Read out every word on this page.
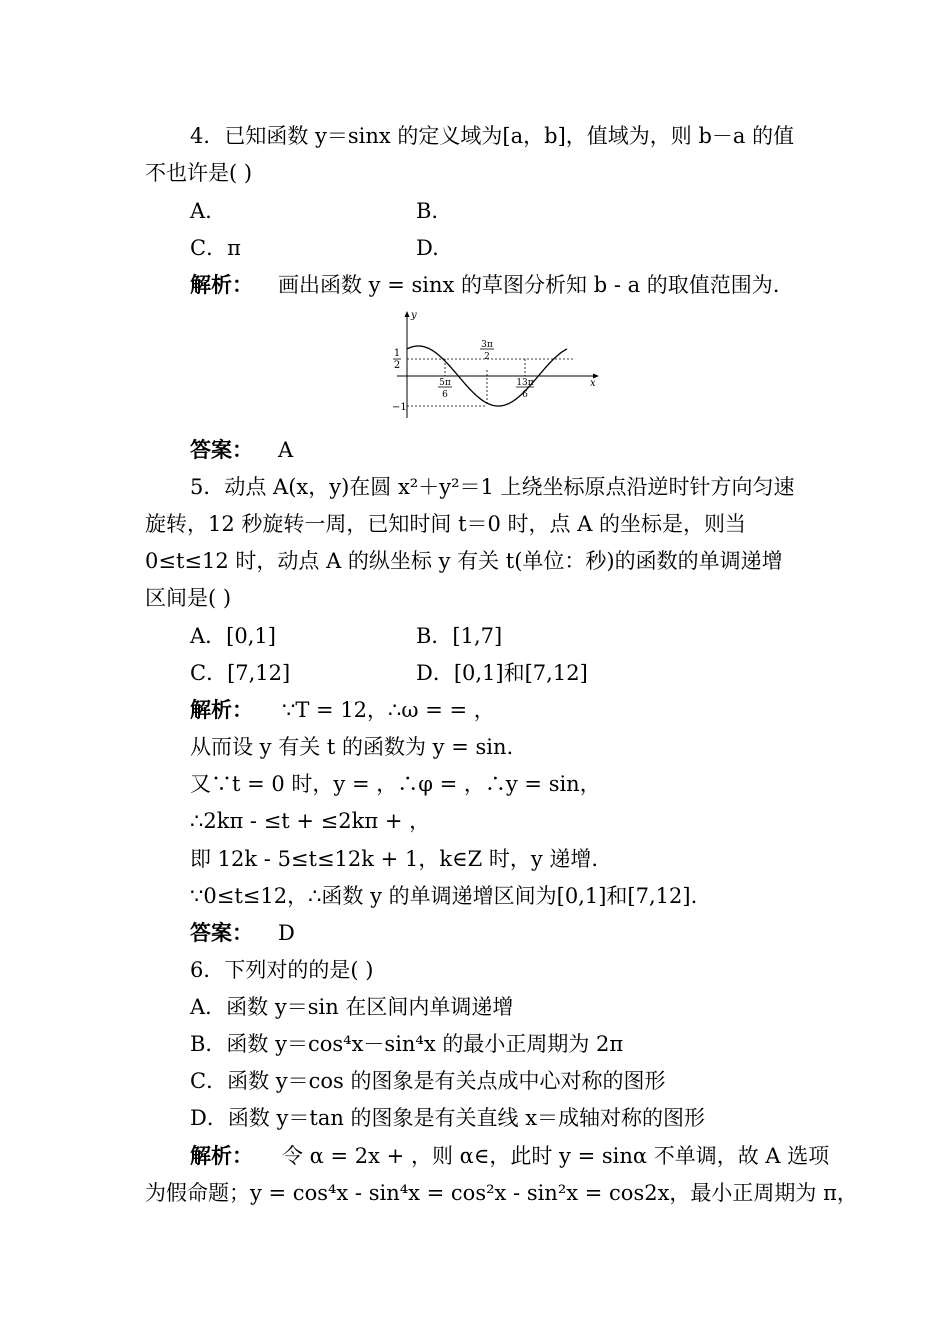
4．已知函数 y＝sinx 的定义域为[a，b]，值域为，则 b－a 的值
不也许是( )
A.	B.
C．π	D.
解析： 画出函数 y = sinx 的草图分析知 b - a 的取值范围为.
y
x
1
2
−1
5π
6
3π
2
13π
6
答案： A
5．动点 A(x，y)在圆 x²＋y²＝1 上绕坐标原点沿逆时针方向匀速
旋转，12 秒旋转一周，已知时间 t＝0 时，点 A 的坐标是，则当
0≤t≤12 时，动点 A 的纵坐标 y 有关 t(单位：秒)的函数的单调递增
区间是( )
A．[0,1]	B．[1,7]
C．[7,12]	D．[0,1]和[7,12]
解析： ∵T = 12，∴ω = = ，
从而设 y 有关 t 的函数为 y = sin.
又∵t = 0 时，y = ，∴φ = ，∴y = sin，
∴2kπ - ≤t + ≤2kπ + ，
即 12k - 5≤t≤12k + 1，k∈Z 时，y 递增.
∵0≤t≤12，∴函数 y 的单调递增区间为[0,1]和[7,12].
答案： D
6．下列对的的是( )
A．函数 y＝sin 在区间内单调递增
B．函数 y＝cos⁴x－sin⁴x 的最小正周期为 2π
C．函数 y＝cos 的图象是有关点成中心对称的图形
D．函数 y＝tan 的图象是有关直线 x＝成轴对称的图形
解析： 令 α = 2x + ，则 α∈，此时 y = sinα 不单调，故 A 选项
为假命题；y = cos⁴x - sin⁴x = cos²x - sin²x = cos2x，最小正周期为 π，
